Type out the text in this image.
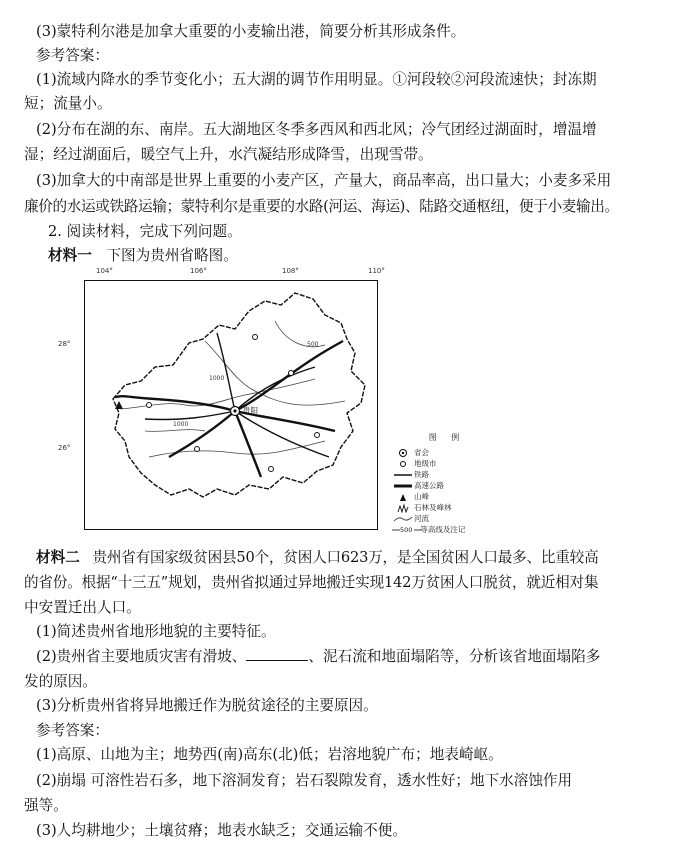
(3)蒙特利尔港是加拿大重要的小麦输出港，简要分析其形成条件。
参考答案：
(1)流域内降水的季节变化小；五大湖的调节作用明显。①河段较②河段流速快；封冻期
短；流量小。
(2)分布在湖的东、南岸。五大湖地区冬季多西风和西北风；冷气团经过湖面时，增温增
湿；经过湖面后，暖空气上升，水汽凝结形成降雪，出现雪带。
(3)加拿大的中南部是世界上重要的小麦产区，产量大，商品率高，出口量大；小麦多采用
廉价的水运或铁路运输；蒙特利尔是重要的水路(河运、海运)、陆路交通枢纽，便于小麦输出。
2. 阅读材料，完成下列问题。
材料一 下图为贵州省略图。
104°	106°	108°	110°
28°
26°
贵阳
1000
1000
500
图 例
省会
地级市
铁路
高速公路
山峰
石林及峰林
河流
500 等高线及注记
材料二 贵州省有国家级贫困县50个，贫困人口623万，是全国贫困人口最多、比重较高
的省份。根据“十三五”规划，贵州省拟通过异地搬迁实现142万贫困人口脱贫，就近相对集
中安置迁出人口。
(1)简述贵州省地形地貌的主要特征。
(2)贵州省主要地质灾害有滑坡、	、泥石流和地面塌陷等，分析该省地面塌陷多
发的原因。
(3)分析贵州省将异地搬迁作为脱贫途径的主要原因。
参考答案：
(1)高原、山地为主；地势西(南)高东(北)低；岩溶地貌广布；地表崎岖。
(2)崩塌 可溶性岩石多，地下溶洞发育；岩石裂隙发育，透水性好；地下水溶蚀作用
强等。
(3)人均耕地少；土壤贫瘠；地表水缺乏；交通运输不便。
